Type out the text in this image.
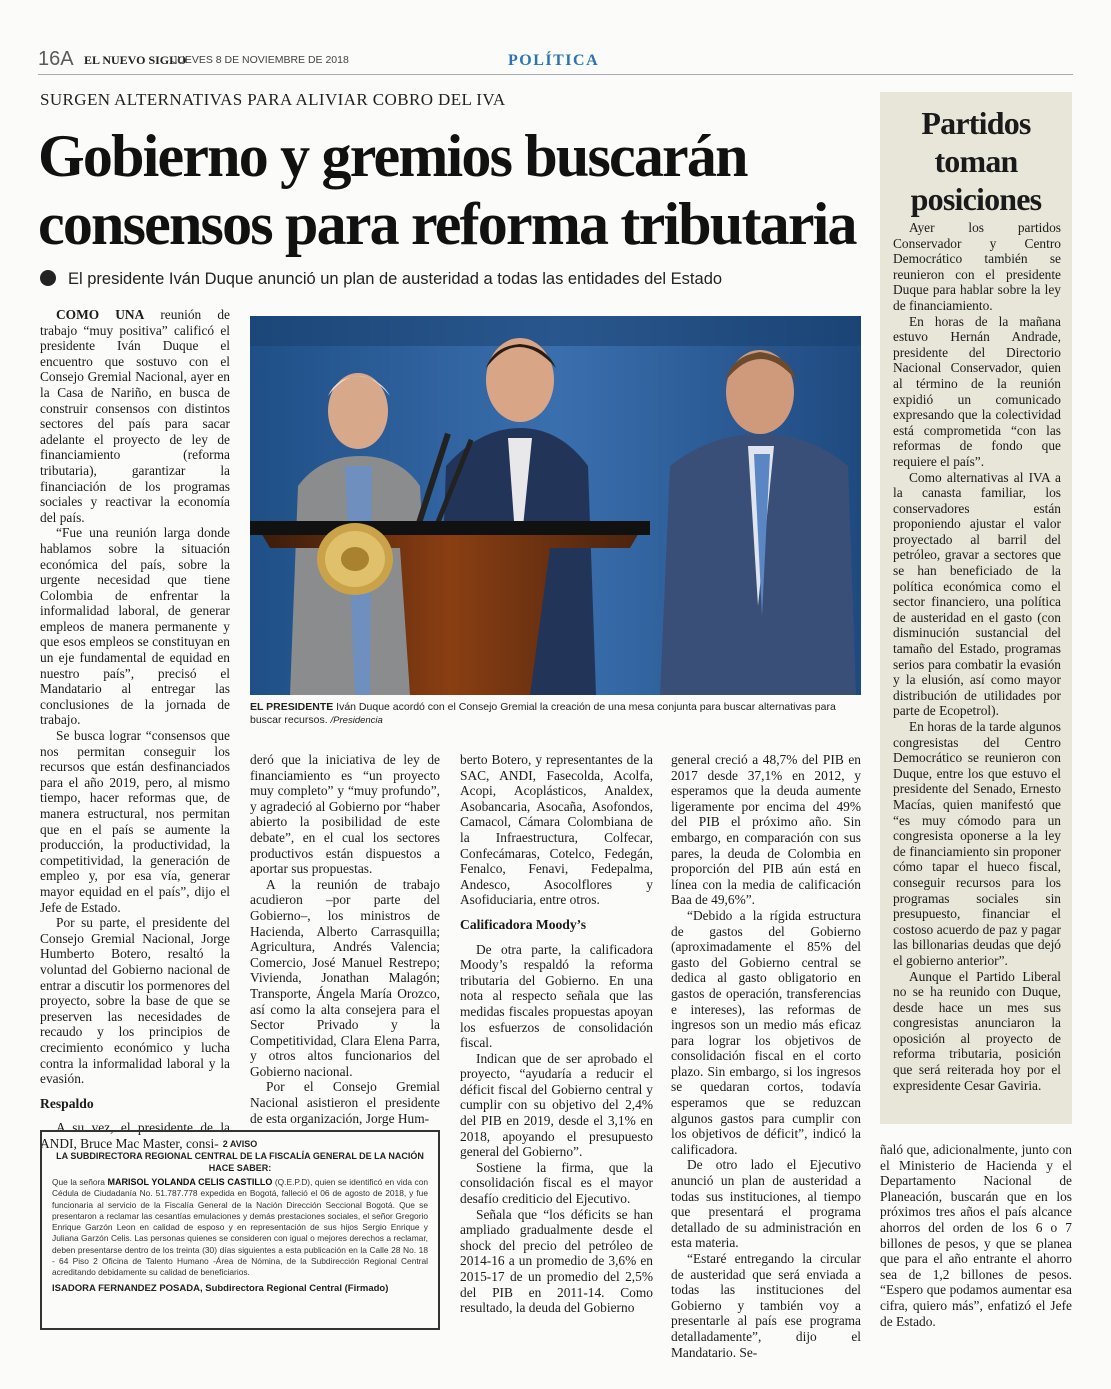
16A EL NUEVO SIGLO
JUEVES 8 DE NOVIEMBRE DE 2018	POLÍTICA
SURGEN ALTERNATIVAS PARA ALIVIAR COBRO DEL IVA
Gobierno y gremios buscarán consensos para reforma tributaria
El presidente Iván Duque anunció un plan de austeridad a todas las entidades del Estado

COMO UNA reunión de trabajo “muy positiva” calificó el presidente Iván Duque el encuentro que sostuvo con el Consejo Gremial Nacional, ayer en la Casa de Nariño, en busca de construir consensos con distintos sectores del país para sacar adelante el proyecto de ley de financiamiento (reforma tributaria), garantizar la financiación de los programas sociales y reactivar la economía del país.

“Fue una reunión larga donde hablamos sobre la situación económica del país, sobre la urgente necesidad que tiene Colombia de enfrentar la informalidad laboral, de generar empleos de manera permanente y que esos empleos se constituyan en un eje fundamental de equidad en nuestro país”, precisó el Mandatario al entregar las conclusiones de la jornada de trabajo.

Se busca lograr “consensos que nos permitan conseguir los recursos que están desfinanciados para el año 2019, pero, al mismo tiempo, hacer reformas que, de manera estructural, nos permitan que en el país se aumente la producción, la productividad, la competitividad, la generación de empleo y, por esa vía, generar mayor equidad en el país”, dijo el Jefe de Estado.

Por su parte, el presidente del Consejo Gremial Nacional, Jorge Humberto Botero, resaltó la voluntad del Gobierno nacional de entrar a discutir los pormenores del proyecto, sobre la base de que se preserven las necesidades de recaudo y los principios de crecimiento económico y lucha contra la informalidad laboral y la evasión.

Respaldo

A su vez, el presidente de la ANDI, Bruce Mac Master, consi-

EL PRESIDENTE Iván Duque acordó con el Consejo Gremial la creación de una mesa conjunta para buscar alternativas para buscar recursos. /Presidencia

deró que la iniciativa de ley de financiamiento es “un proyecto muy completo” y “muy profundo”, y agradeció al Gobierno por “haber abierto la posibilidad de este debate”, en el cual los sectores productivos están dispuestos a aportar sus propuestas.

A la reunión de trabajo acudieron –por parte del Gobierno–, los ministros de Hacienda, Alberto Carrasquilla; Agricultura, Andrés Valencia; Comercio, José Manuel Restrepo; Vivienda, Jonathan Malagón; Transporte, Ángela María Orozco, así como la alta consejera para el Sector Privado y la Competitividad, Clara Elena Parra, y otros altos funcionarios del Gobierno nacional.

Por el Consejo Gremial Nacional asistieron el presidente de esta organización, Jorge Hum-

berto Botero, y representantes de la SAC, ANDI, Fasecolda, Acolfa, Acopi, Acoplásticos, Analdex, Asobancaria, Asocaña, Asofondos, Camacol, Cámara Colombiana de la Infraestructura, Colfecar, Confecámaras, Cotelco, Fedegán, Fenalco, Fenavi, Fedepalma, Andesco, Asocolflores y Asofiduciaria, entre otros.

Calificadora Moody’s

De otra parte, la calificadora Moody’s respaldó la reforma tributaria del Gobierno. En una nota al respecto señala que las medidas fiscales propuestas apoyan los esfuerzos de consolidación fiscal.

Indican que de ser aprobado el proyecto, “ayudaría a reducir el déficit fiscal del Gobierno central y cumplir con su objetivo del 2,4% del PIB en 2019, desde el 3,1% en 2018, apoyando el presupuesto general del Gobierno”.

Sostiene la firma, que la consolidación fiscal es el mayor desafío crediticio del Ejecutivo.

Señala que “los déficits se han ampliado gradualmente desde el shock del precio del petróleo de 2014-16 a un promedio de 3,6% en 2015-17 de un promedio del 2,5% del PIB en 2011-14. Como resultado, la deuda del Gobierno

general creció a 48,7% del PIB en 2017 desde 37,1% en 2012, y esperamos que la deuda aumente ligeramente por encima del 49% del PIB el próximo año. Sin embargo, en comparación con sus pares, la deuda de Colombia en proporción del PIB aún está en línea con la media de calificación Baa de 49,6%”.

“Debido a la rígida estructura de gastos del Gobierno (aproximadamente el 85% del gasto del Gobierno central se dedica al gasto obligatorio en gastos de operación, transferencias e intereses), las reformas de ingresos son un medio más eficaz para lograr los objetivos de consolidación fiscal en el corto plazo. Sin embargo, si los ingresos se quedaran cortos, todavía esperamos que se reduzcan algunos gastos para cumplir con los objetivos de déficit”, indicó la calificadora.

De otro lado el Ejecutivo anunció un plan de austeridad a todas sus instituciones, al tiempo que presentará el programa detallado de su administración en esta materia.

“Estaré entregando la circular de austeridad que será enviada a todas las instituciones del Gobierno y también voy a presentarle al país ese programa detalladamente”, dijo el Mandatario. Se-

Partidos toman posiciones

Ayer los partidos Conservador y Centro Democrático también se reunieron con el presidente Duque para hablar sobre la ley de financiamiento.

En horas de la mañana estuvo Hernán Andrade, presidente del Directorio Nacional Conservador, quien al término de la reunión expidió un comunicado expresando que la colectividad está comprometida “con las reformas de fondo que requiere el país”.

Como alternativas al IVA a la canasta familiar, los conservadores están proponiendo ajustar el valor proyectado al barril del petróleo, gravar a sectores que se han beneficiado de la política económica como el sector financiero, una política de austeridad en el gasto (con disminución sustancial del tamaño del Estado, programas serios para combatir la evasión y la elusión, así como mayor distribución de utilidades por parte de Ecopetrol).

En horas de la tarde algunos congresistas del Centro Democrático se reunieron con Duque, entre los que estuvo el presidente del Senado, Ernesto Macías, quien manifestó que “es muy cómodo para un congresista oponerse a la ley de financiamiento sin proponer cómo tapar el hueco fiscal, conseguir recursos para los programas sociales sin presupuesto, financiar el costoso acuerdo de paz y pagar las billonarias deudas que dejó el gobierno anterior”.

Aunque el Partido Liberal no se ha reunido con Duque, desde hace un mes sus congresistas anunciaron la oposición al proyecto de reforma tributaria, posición que será reiterada hoy por el expresidente Cesar Gaviria.

ñaló que, adicionalmente, junto con el Ministerio de Hacienda y el Departamento Nacional de Planeación, buscarán que en los próximos tres años el país alcance ahorros del orden de los 6 o 7 billones de pesos, y que se planea que para el año entrante el ahorro sea de 1,2 billones de pesos. “Espero que podamos aumentar esa cifra, quiero más”, enfatizó el Jefe de Estado.

2 AVISO
LA SUBDIRECTORA REGIONAL CENTRAL DE LA FISCALÍA GENERAL DE LA NACIÓN
HACE SABER:
Que la señora MARISOL YOLANDA CELIS CASTILLO (Q.E.P.D), quien se identificó en vida con Cédula de Ciudadanía No. 51.787.778 expedida en Bogotá, falleció el 06 de agosto de 2018, y fue funcionaria al servicio de la Fiscalía General de la Nación Dirección Seccional Bogotá. Que se presentaron a reclamar las cesantías emulaciones y demás prestaciones sociales, el señor Gregorio Enrique Garzón Leon en calidad de esposo y en representación de sus hijos Sergio Enrique y Juliana Garzón Celis. Las personas quienes se consideren con igual o mejores derechos a reclamar, deben presentarse dentro de los treinta (30) días siguientes a esta publicación en la Calle 28 No. 18 - 64 Piso 2 Oficina de Talento Humano -Área de Nómina, de la Subdirección Regional Central acreditando debidamente su calidad de beneficiarios.
ISADORA FERNANDEZ POSADA, Subdirectora Regional Central (Firmado)
